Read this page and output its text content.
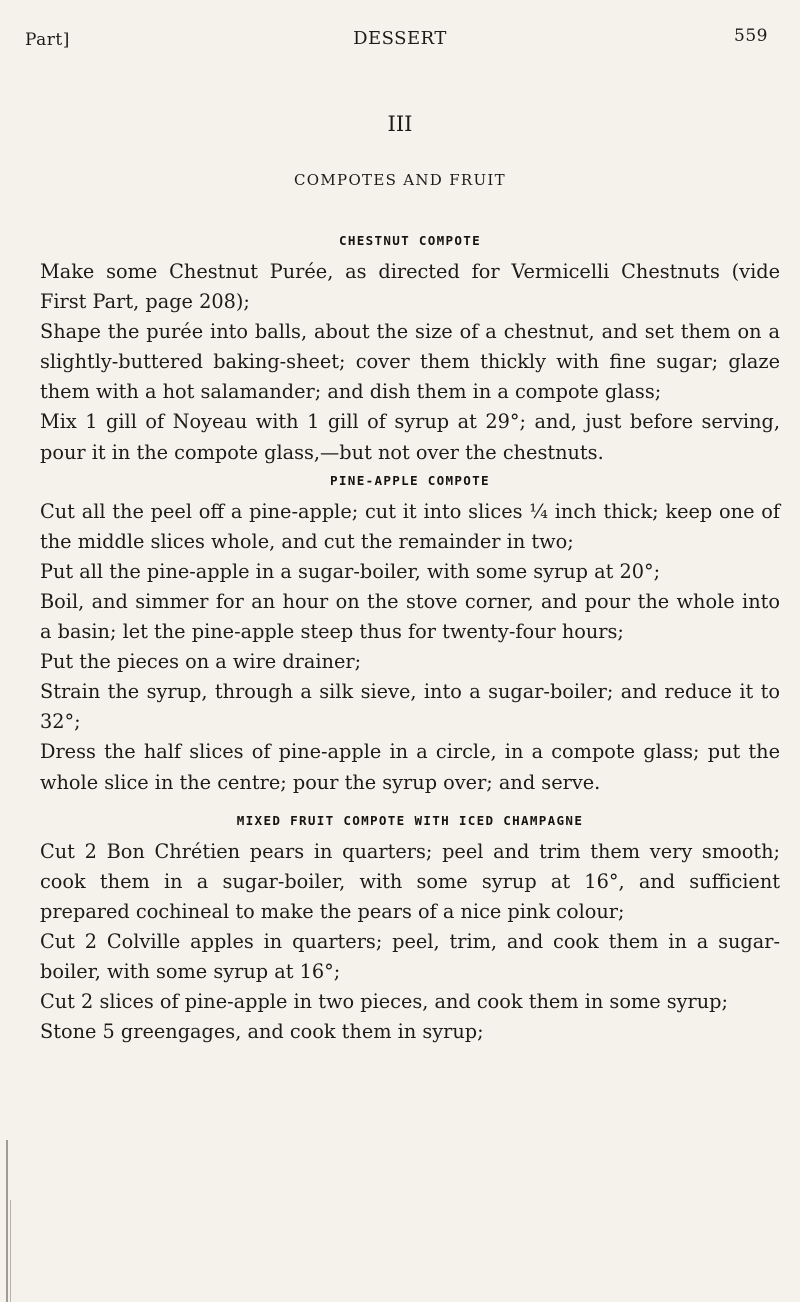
Part]	DESSERT	559
III
COMPOTES AND FRUIT
CHESTNUT COMPOTE

Make some Chestnut Purée, as directed for Vermicelli Chestnuts (vide First Part, page 208);

Shape the purée into balls, about the size of a chestnut, and set them on a slightly-buttered baking-sheet; cover them thickly with fine sugar; glaze them with a hot salamander; and dish them in a compote glass;

Mix 1 gill of Noyeau with 1 gill of syrup at 29°; and, just before serving, pour it in the compote glass,—but not over the chestnuts.

PINE-APPLE COMPOTE

Cut all the peel off a pine-apple; cut it into slices ¼ inch thick; keep one of the middle slices whole, and cut the remainder in two;

Put all the pine-apple in a sugar-boiler, with some syrup at 20°;

Boil, and simmer for an hour on the stove corner, and pour the whole into a basin; let the pine-apple steep thus for twenty-four hours;

Put the pieces on a wire drainer;

Strain the syrup, through a silk sieve, into a sugar-boiler; and reduce it to 32°;

Dress the half slices of pine-apple in a circle, in a compote glass; put the whole slice in the centre; pour the syrup over; and serve.

MIXED FRUIT COMPOTE WITH ICED CHAMPAGNE

Cut 2 Bon Chrétien pears in quarters; peel and trim them very smooth; cook them in a sugar-boiler, with some syrup at 16°, and sufficient prepared cochineal to make the pears of a nice pink colour;

Cut 2 Colville apples in quarters; peel, trim, and cook them in a sugar-boiler, with some syrup at 16°;

Cut 2 slices of pine-apple in two pieces, and cook them in some syrup;

Stone 5 greengages, and cook them in syrup;
